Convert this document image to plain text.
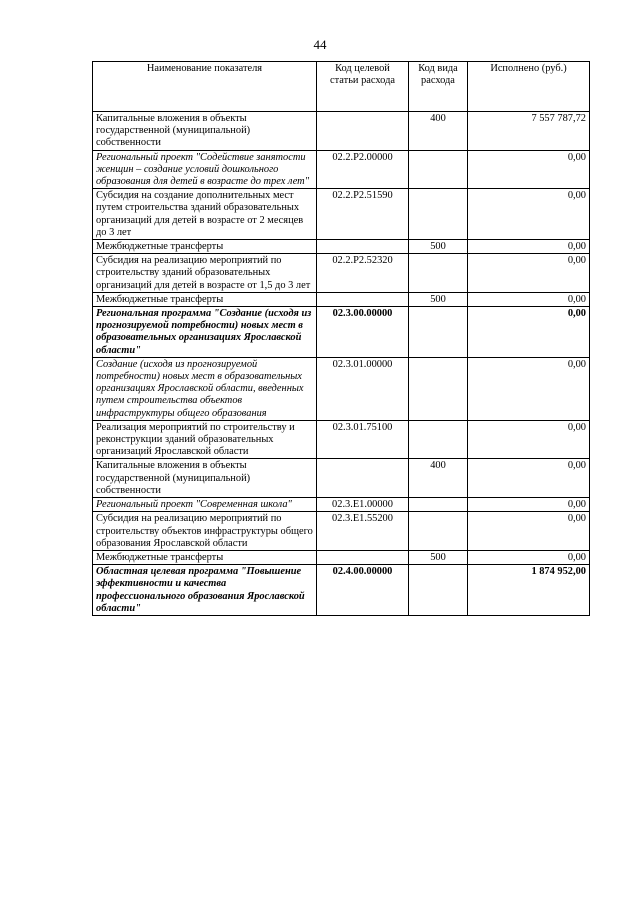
44
Наименование показателя	Код целевой статьи расхода	Код вида расхода	Исполнено (руб.)
Капитальные вложения в объекты государственной (муниципальной) собственности		400	7 557 787,72
Региональный проект "Содействие занятости женщин – создание условий дошкольного образования для детей в возрасте до трех лет"	02.2.P2.00000		0,00
Субсидия на создание дополнительных мест путем строительства зданий образовательных организаций для детей в возрасте от 2 месяцев до 3 лет	02.2.P2.51590		0,00
Межбюджетные трансферты		500	0,00
Субсидия на реализацию мероприятий по строительству зданий образовательных организаций для детей в возрасте от 1,5 до 3 лет	02.2.P2.52320		0,00
Межбюджетные трансферты		500	0,00
Региональная программа "Создание (исходя из прогнозируемой потребности) новых мест в образовательных организациях Ярославской области"	02.3.00.00000		0,00
Создание (исходя из прогнозируемой потребности) новых мест в образовательных организациях Ярославской области, введенных путем строительства объектов инфраструктуры общего образования	02.3.01.00000		0,00
Реализация мероприятий по строительству и реконструкции зданий образовательных организаций Ярославской области	02.3.01.75100		0,00
Капитальные вложения в объекты государственной (муниципальной) собственности		400	0,00
Региональный проект "Современная школа"	02.3.E1.00000		0,00
Субсидия на реализацию мероприятий по строительству объектов инфраструктуры общего образования Ярославской области	02.3.E1.55200		0,00
Межбюджетные трансферты		500	0,00
Областная целевая программа "Повышение эффективности и качества профессионального образования Ярославской области"	02.4.00.00000		1 874 952,00
